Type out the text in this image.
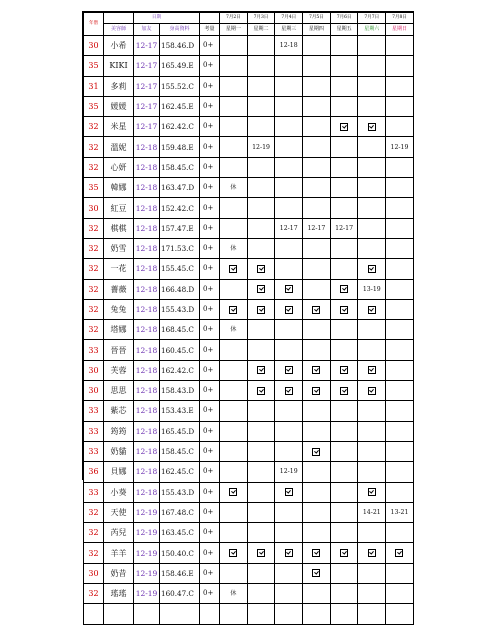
年僧		日期			7月2日	7月3日	7月4日	7月5日	7月6日	7月7日	7月8日
	美容師	加友	身高資料	考量	星期一	星期二	星期三	星期四	星期五	星期六	星期日
30	小希	12-17	158.46.D	0+			12-18				
35	KIKI	12-17	165.49.E	0+							
31	多莉	12-17	155.52.C	0+							
35	媛媛	12-17	162.45.E	0+							
32	米星	12-17	162.42.C	0+							
32	溫妮	12-18	159.48.E	0+		12-19					12-19
32	心妍	12-18	158.45.C	0+							
35	韓娜	12-18	163.47.D	0+	休						
30	紅豆	12-18	152.42.C	0+							
32	棋棋	12-18	157.47.E	0+			12-17	12-17	12-17		
32	奶雪	12-18	171.53.C	0+	休						
32	一花	12-18	155.45.C	0+							
32	薔薇	12-18	166.48.D	0+						13-19	
32	兔兔	12-18	155.43.D	0+							
32	塔娜	12-18	168.45.C	0+	休						
33	晉晉	12-18	160.45.C	0+							
30	芙蓉	12-18	162.42.C	0+							
30	思思	12-18	158.43.D	0+							
33	紫芯	12-18	153.43.E	0+							
33	筠筠	12-18	165.45.D	0+							
33	奶貓	12-18	158.45.C	0+							
36	貝娜	12-18	162.45.C	0+			12-19				
33	小葵	12-18	155.43.D	0+							
32	天使	12-19	167.48.C	0+						14-21	13-21
32	芮兒	12-19	163.45.C	0+							
32	羊羊	12-19	150.40.C	0+							
30	奶昔	12-19	158.46.E	0+							
32	瑤瑤	12-19	160.47.C	0+	休						
